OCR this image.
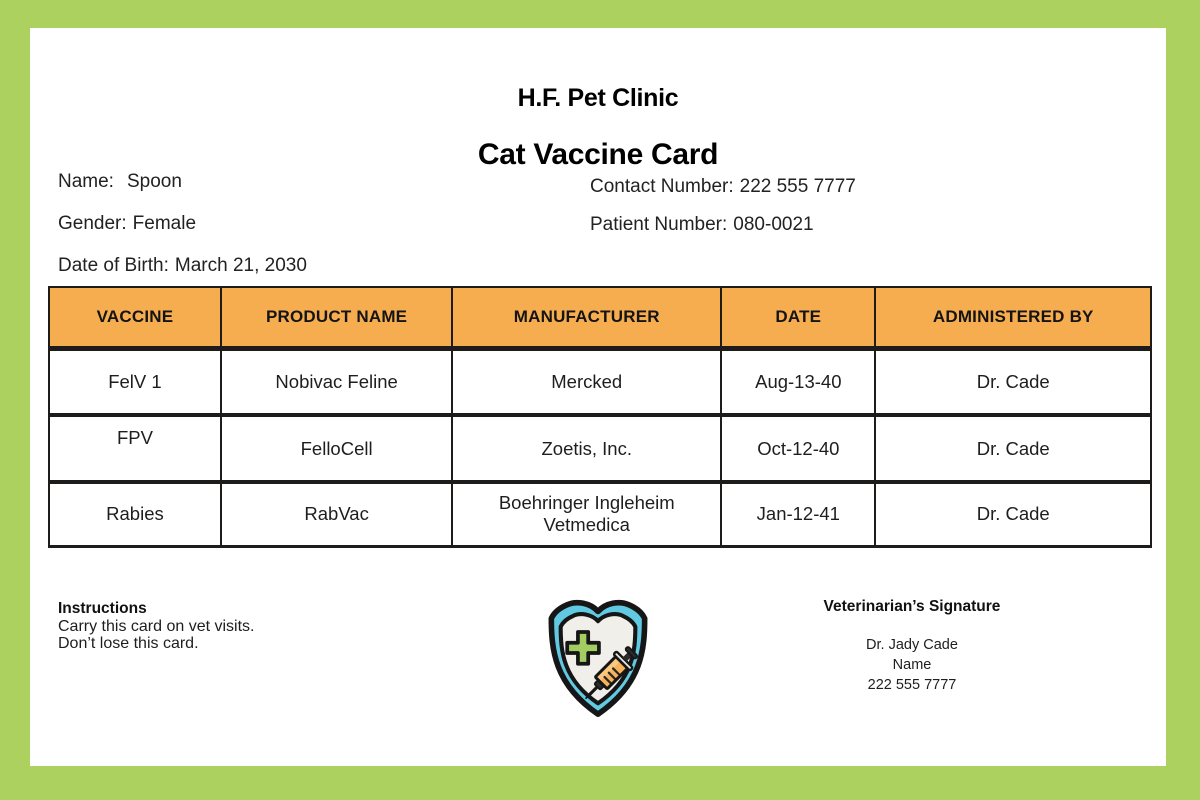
H.F. Pet Clinic
Cat Vaccine Card
Name: Spoon
Gender: Female
Date of Birth: March 21, 2030
Contact Number: 222 555 7777
Patient Number: 080-0021
VACCINE	PRODUCT NAME	MANUFACTURER	DATE	ADMINISTERED BY
FelV 1	Nobivac Feline	Mercked	Aug-13-40	Dr. Cade
FPV	FelloCell	Zoetis, Inc.	Oct-12-40	Dr. Cade
Rabies	RabVac	Boehringer Ingleheim Vetmedica	Jan-12-41	Dr. Cade
Instructions
Carry this card on vet visits.
Don’t lose this card.
Veterinarian’s Signature
Dr. Jady Cade
Name
222 555 7777
